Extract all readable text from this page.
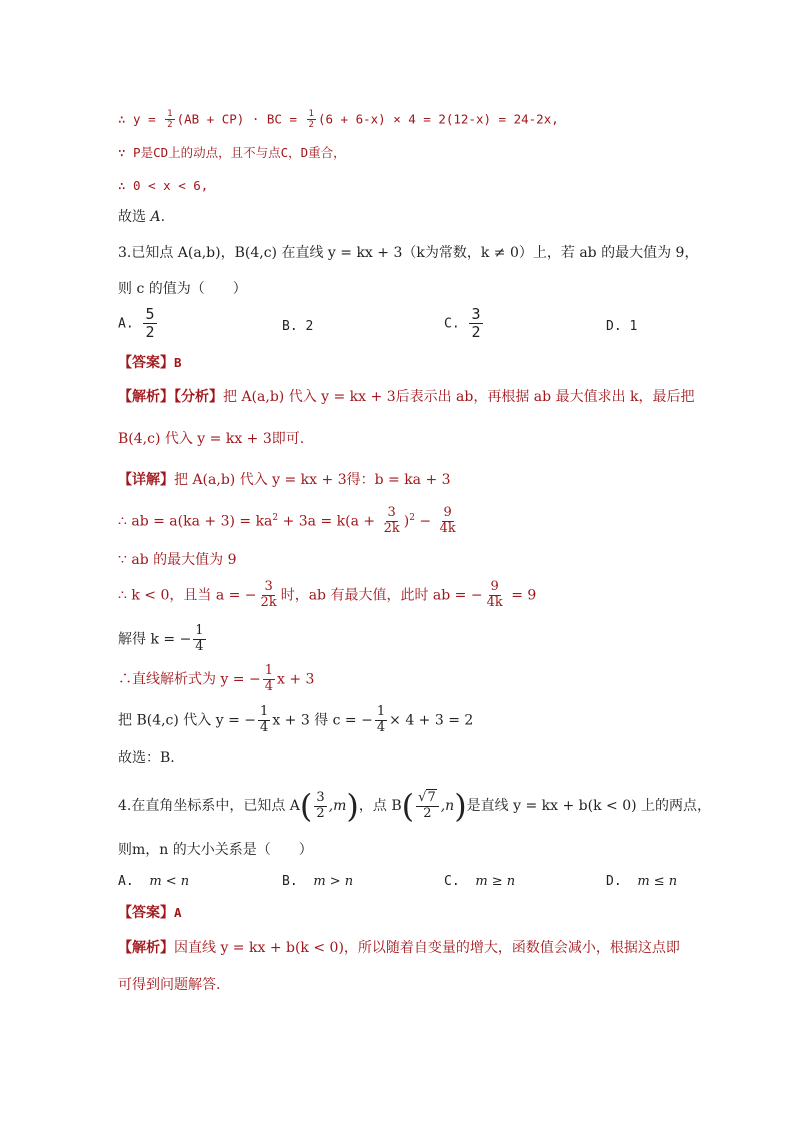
∴ $y = \frac{1}{2} (AB + CP)$ · BC = $\frac{1}{2} (6 + 6-x) \times 4 = 2(12-x) = 24-2x$,
∵ P是CD上的动点，且不与点C，D重合，
∴ 0 < x < 6,
故选 A.
3.已知点 A(a,b)，B(4,c) 在直线 y = kx + 3（k为常数，k ≠ 0）上，若 ab 的最大值为 9，
则 c 的值为（　　）
A. $\frac{5}{2}$	B. 2	C. $\frac{3}{2}$	D. 1
【答案】B
【解析】【分析】把 A(a,b) 代入 y = kx + 3后表示出 ab，再根据 ab 最大值求出 k，最后把
B(4,c) 代入 y = kx + 3即可.
【详解】把 A(a,b) 代入 y = kx + 3得：b = ka + 3
∴ ab = $a(ka + 3) = ka^2 + 3a = k(a + \frac{3}{2k} )^2 - \frac{9}{4k}$
∵ ab 的最大值为 9
∴ k < 0，且当 a = − $\frac{3}{2k}$ 时，ab 有最大值，此时 ab = − $\frac{9}{4k} = 9$
解得 k = − $\frac{1}{4}$
∴直线解析式为 y = − $\frac{1}{4}$ x + 3
把 B(4,c) 代入 y = − $\frac{1}{4}$ x + 3 得 c = − $\frac{1}{4} \times 4 + 3 = 2$
故选：B.
4.在直角坐标系中，已知点 $A( \frac{3}{2} ,m)$，点 $B( \frac{√7}{2} ,n)$是直线 y = kx + b(k < 0) 上的两点，
则m，n 的大小关系是（　　）
A. m < n	B. m > n	C. m ≥ n	D. m ≤ n
【答案】A
【解析】因直线 y = kx + b(k < 0)，所以随着自变量的增大，函数值会减小，根据这点即
可得到问题解答.
